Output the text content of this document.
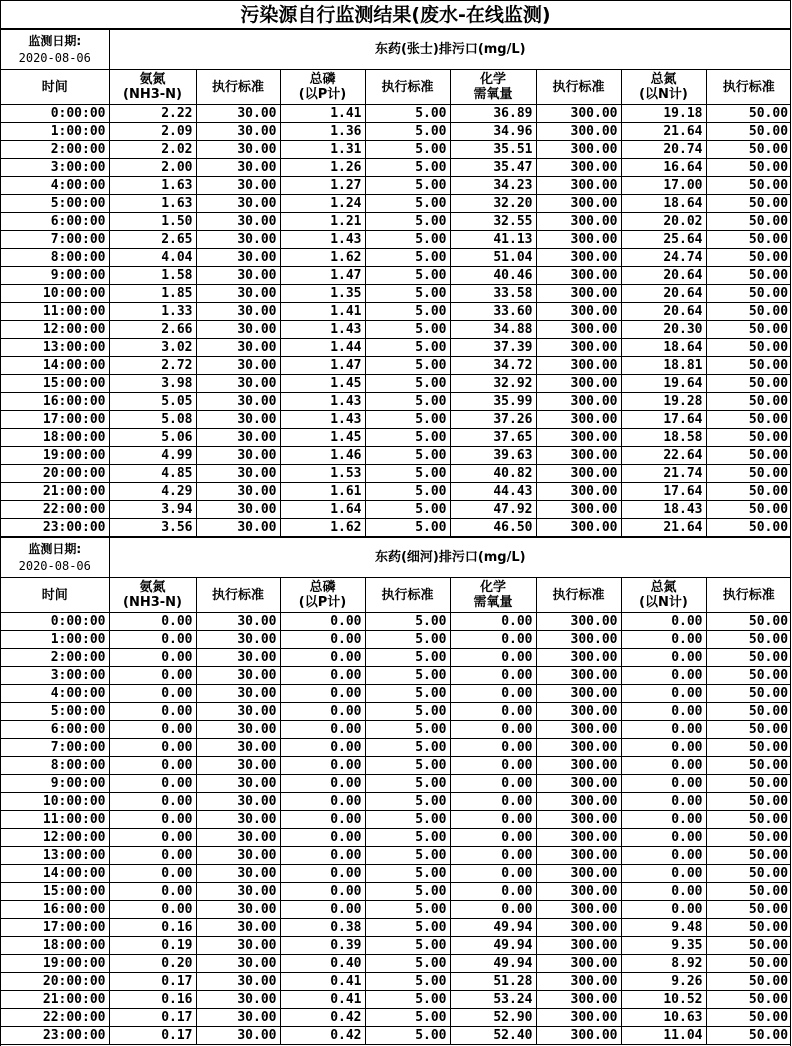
污染源自行监测结果(废水-在线监测)
监测日期:
2020-08-06	东药(张士)排污口(mg/L)							

时间	氨氮
(NH3-N)	执行标准	总磷
(以P计)	执行标准	化学
需氧量	执行标准	总氮
(以N计)	执行标准

0:00:00	2.22	30.00	1.41	5.00	36.89	300.00	19.18	50.00
1:00:00	2.09	30.00	1.36	5.00	34.96	300.00	21.64	50.00
2:00:00	2.02	30.00	1.31	5.00	35.51	300.00	20.74	50.00
3:00:00	2.00	30.00	1.26	5.00	35.47	300.00	16.64	50.00
4:00:00	1.63	30.00	1.27	5.00	34.23	300.00	17.00	50.00
5:00:00	1.63	30.00	1.24	5.00	32.20	300.00	18.64	50.00
6:00:00	1.50	30.00	1.21	5.00	32.55	300.00	20.02	50.00
7:00:00	2.65	30.00	1.43	5.00	41.13	300.00	25.64	50.00
8:00:00	4.04	30.00	1.62	5.00	51.04	300.00	24.74	50.00
9:00:00	1.58	30.00	1.47	5.00	40.46	300.00	20.64	50.00
10:00:00	1.85	30.00	1.35	5.00	33.58	300.00	20.64	50.00
11:00:00	1.33	30.00	1.41	5.00	33.60	300.00	20.64	50.00
12:00:00	2.66	30.00	1.43	5.00	34.88	300.00	20.30	50.00
13:00:00	3.02	30.00	1.44	5.00	37.39	300.00	18.64	50.00
14:00:00	2.72	30.00	1.47	5.00	34.72	300.00	18.81	50.00
15:00:00	3.98	30.00	1.45	5.00	32.92	300.00	19.64	50.00
16:00:00	5.05	30.00	1.43	5.00	35.99	300.00	19.28	50.00
17:00:00	5.08	30.00	1.43	5.00	37.26	300.00	17.64	50.00
18:00:00	5.06	30.00	1.45	5.00	37.65	300.00	18.58	50.00
19:00:00	4.99	30.00	1.46	5.00	39.63	300.00	22.64	50.00
20:00:00	4.85	30.00	1.53	5.00	40.82	300.00	21.74	50.00
21:00:00	4.29	30.00	1.61	5.00	44.43	300.00	17.64	50.00
22:00:00	3.94	30.00	1.64	5.00	47.92	300.00	18.43	50.00
23:00:00	3.56	30.00	1.62	5.00	46.50	300.00	21.64	50.00
监测日期:
2020-08-06	东药(细河)排污口(mg/L)							

时间	氨氮
(NH3-N)	执行标准	总磷
(以P计)	执行标准	化学
需氧量	执行标准	总氮
(以N计)	执行标准

0:00:00	0.00	30.00	0.00	5.00	0.00	300.00	0.00	50.00
1:00:00	0.00	30.00	0.00	5.00	0.00	300.00	0.00	50.00
2:00:00	0.00	30.00	0.00	5.00	0.00	300.00	0.00	50.00
3:00:00	0.00	30.00	0.00	5.00	0.00	300.00	0.00	50.00
4:00:00	0.00	30.00	0.00	5.00	0.00	300.00	0.00	50.00
5:00:00	0.00	30.00	0.00	5.00	0.00	300.00	0.00	50.00
6:00:00	0.00	30.00	0.00	5.00	0.00	300.00	0.00	50.00
7:00:00	0.00	30.00	0.00	5.00	0.00	300.00	0.00	50.00
8:00:00	0.00	30.00	0.00	5.00	0.00	300.00	0.00	50.00
9:00:00	0.00	30.00	0.00	5.00	0.00	300.00	0.00	50.00
10:00:00	0.00	30.00	0.00	5.00	0.00	300.00	0.00	50.00
11:00:00	0.00	30.00	0.00	5.00	0.00	300.00	0.00	50.00
12:00:00	0.00	30.00	0.00	5.00	0.00	300.00	0.00	50.00
13:00:00	0.00	30.00	0.00	5.00	0.00	300.00	0.00	50.00
14:00:00	0.00	30.00	0.00	5.00	0.00	300.00	0.00	50.00
15:00:00	0.00	30.00	0.00	5.00	0.00	300.00	0.00	50.00
16:00:00	0.00	30.00	0.00	5.00	0.00	300.00	0.00	50.00
17:00:00	0.16	30.00	0.38	5.00	49.94	300.00	9.48	50.00
18:00:00	0.19	30.00	0.39	5.00	49.94	300.00	9.35	50.00
19:00:00	0.20	30.00	0.40	5.00	49.94	300.00	8.92	50.00
20:00:00	0.17	30.00	0.41	5.00	51.28	300.00	9.26	50.00
21:00:00	0.16	30.00	0.41	5.00	53.24	300.00	10.52	50.00
22:00:00	0.17	30.00	0.42	5.00	52.90	300.00	10.63	50.00
23:00:00	0.17	30.00	0.42	5.00	52.40	300.00	11.04	50.00
